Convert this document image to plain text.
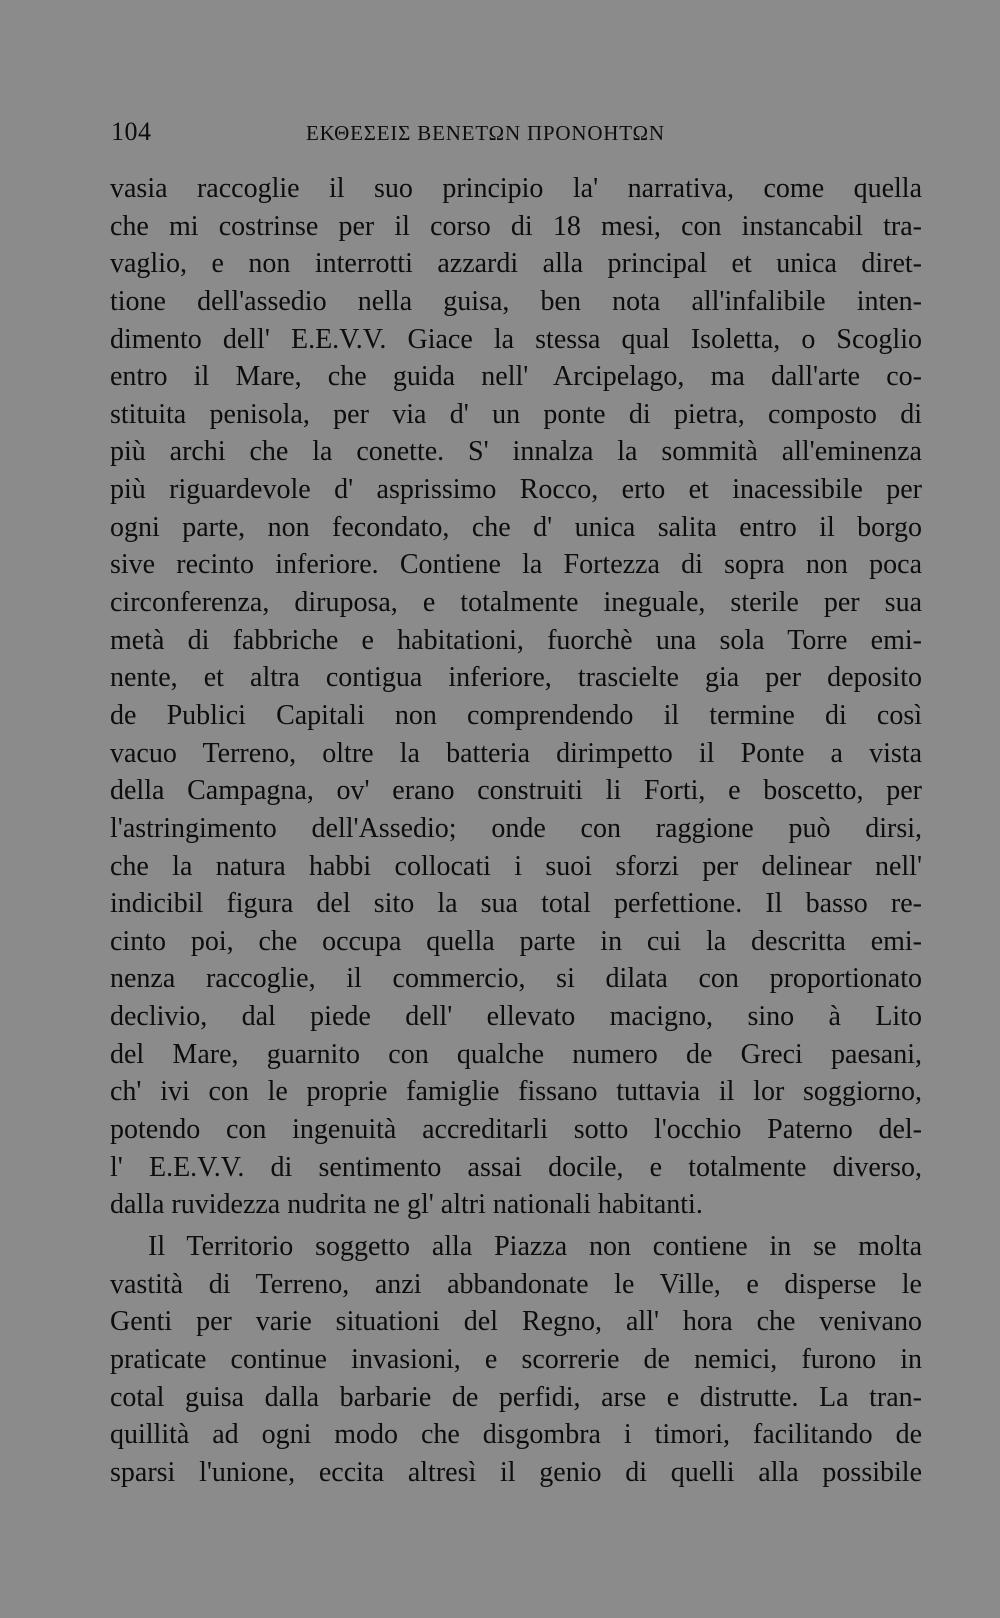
104	ΕΚΘΕΣΕΙΣ ΒΕΝΕΤΩΝ ΠΡΟΝΟΗΤΩΝ
vasia raccoglie il suo principio la' narrativa, come quella
che mi costrinse per il corso di 18 mesi, con instancabil tra-
vaglio, e non interrotti azzardi alla principal et unica diret-
tione dell'assedio nella guisa, ben nota all'infalibile inten-
dimento dell' E.E.V.V. Giace la stessa qual Isoletta, o Scoglio
entro il Mare, che guida nell' Arcipelago, ma dall'arte co-
stituita penisola, per via d' un ponte di pietra, composto di
più archi che la conette. S' innalza la sommità all'eminenza
più riguardevole d' asprissimo Rocco, erto et inacessibile per
ogni parte, non fecondato, che d' unica salita entro il borgo
sive recinto inferiore. Contiene la Fortezza di sopra non poca
circonferenza, diruposa, e totalmente ineguale, sterile per sua
metà di fabbriche e habitationi, fuorchè una sola Torre emi-
nente, et altra contigua inferiore, trascielte gia per deposito
de Publici Capitali non comprendendo il termine di così
vacuo Terreno, oltre la batteria dirimpetto il Ponte a vista
della Campagna, ov' erano construiti li Forti, e boscetto, per
l'astringimento dell'Assedio; onde con raggione può dirsi,
che la natura habbi collocati i suoi sforzi per delinear nell'
indicibil figura del sito la sua total perfettione. Il basso re-
cinto poi, che occupa quella parte in cui la descritta emi-
nenza raccoglie, il commercio, si dilata con proportionato
declivio, dal piede dell' ellevato macigno, sino à Lito
del Mare, guarnito con qualche numero de Greci paesani,
ch' ivi con le proprie famiglie fissano tuttavia il lor soggiorno,
potendo con ingenuità accreditarli sotto l'occhio Paterno del-
l' E.E.V.V. di sentimento assai docile, e totalmente diverso,
dalla ruvidezza nudrita ne gl' altri nationali habitanti.
Il Territorio soggetto alla Piazza non contiene in se molta
vastità di Terreno, anzi abbandonate le Ville, e disperse le
Genti per varie situationi del Regno, all' hora che venivano
praticate continue invasioni, e scorrerie de nemici, furono in
cotal guisa dalla barbarie de perfidi, arse e distrutte. La tran-
quillità ad ogni modo che disgombra i timori, facilitando de
sparsi l'unione, eccita altresì il genio di quelli alla possibile
